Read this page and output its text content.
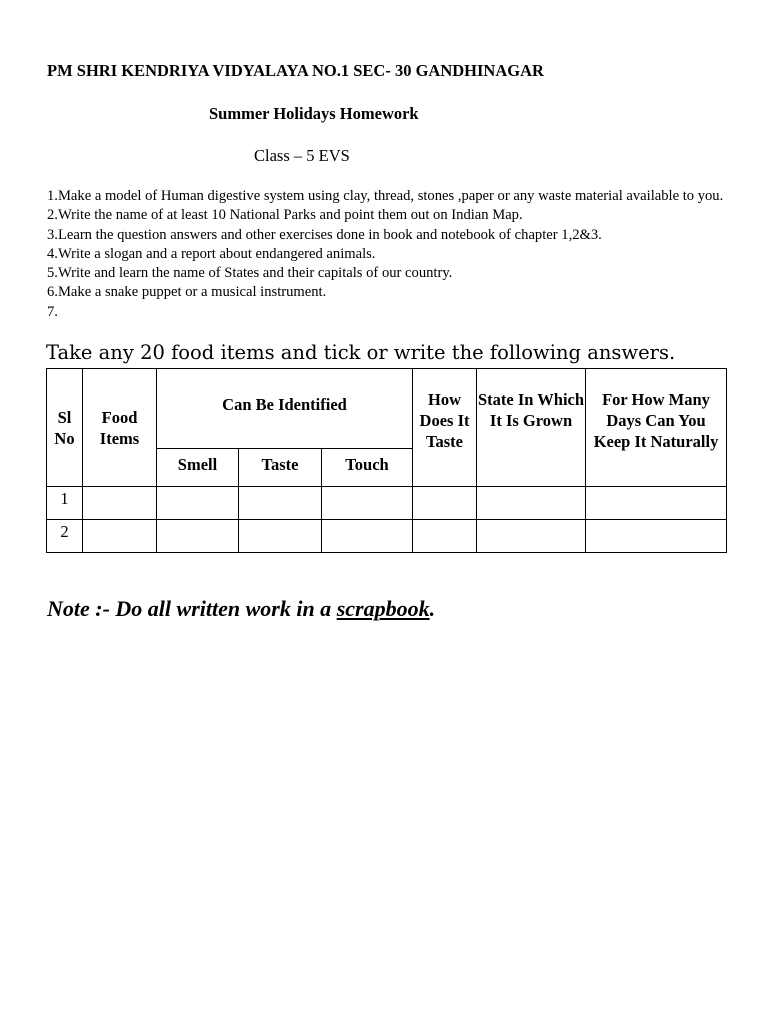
PM SHRI KENDRIYA VIDYALAYA NO.1 SEC- 30 GANDHINAGAR
Summer Holidays Homework
Class – 5 EVS
1.Make a model of Human digestive system using clay, thread, stones ,paper or any waste material available to you.
2.Write the name of at least 10 National Parks and point them out on Indian Map.
3.Learn the question answers and other exercises done in book and notebook of chapter 1,2&3.
4.Write a slogan and a report about endangered animals.
5.Write and learn the name of States and their capitals of our country.
6.Make a snake puppet or a musical instrument.
7.
Take any 20 food items and tick or write the following answers.
Sl No	Food Items	Can Be Identified			How Does It Taste	State In Which It Is Grown	For How Many Days Can You Keep It Naturally
		Smell	Taste	Touch			
1							
2							
Note :- Do all written work in a scrapbook.
